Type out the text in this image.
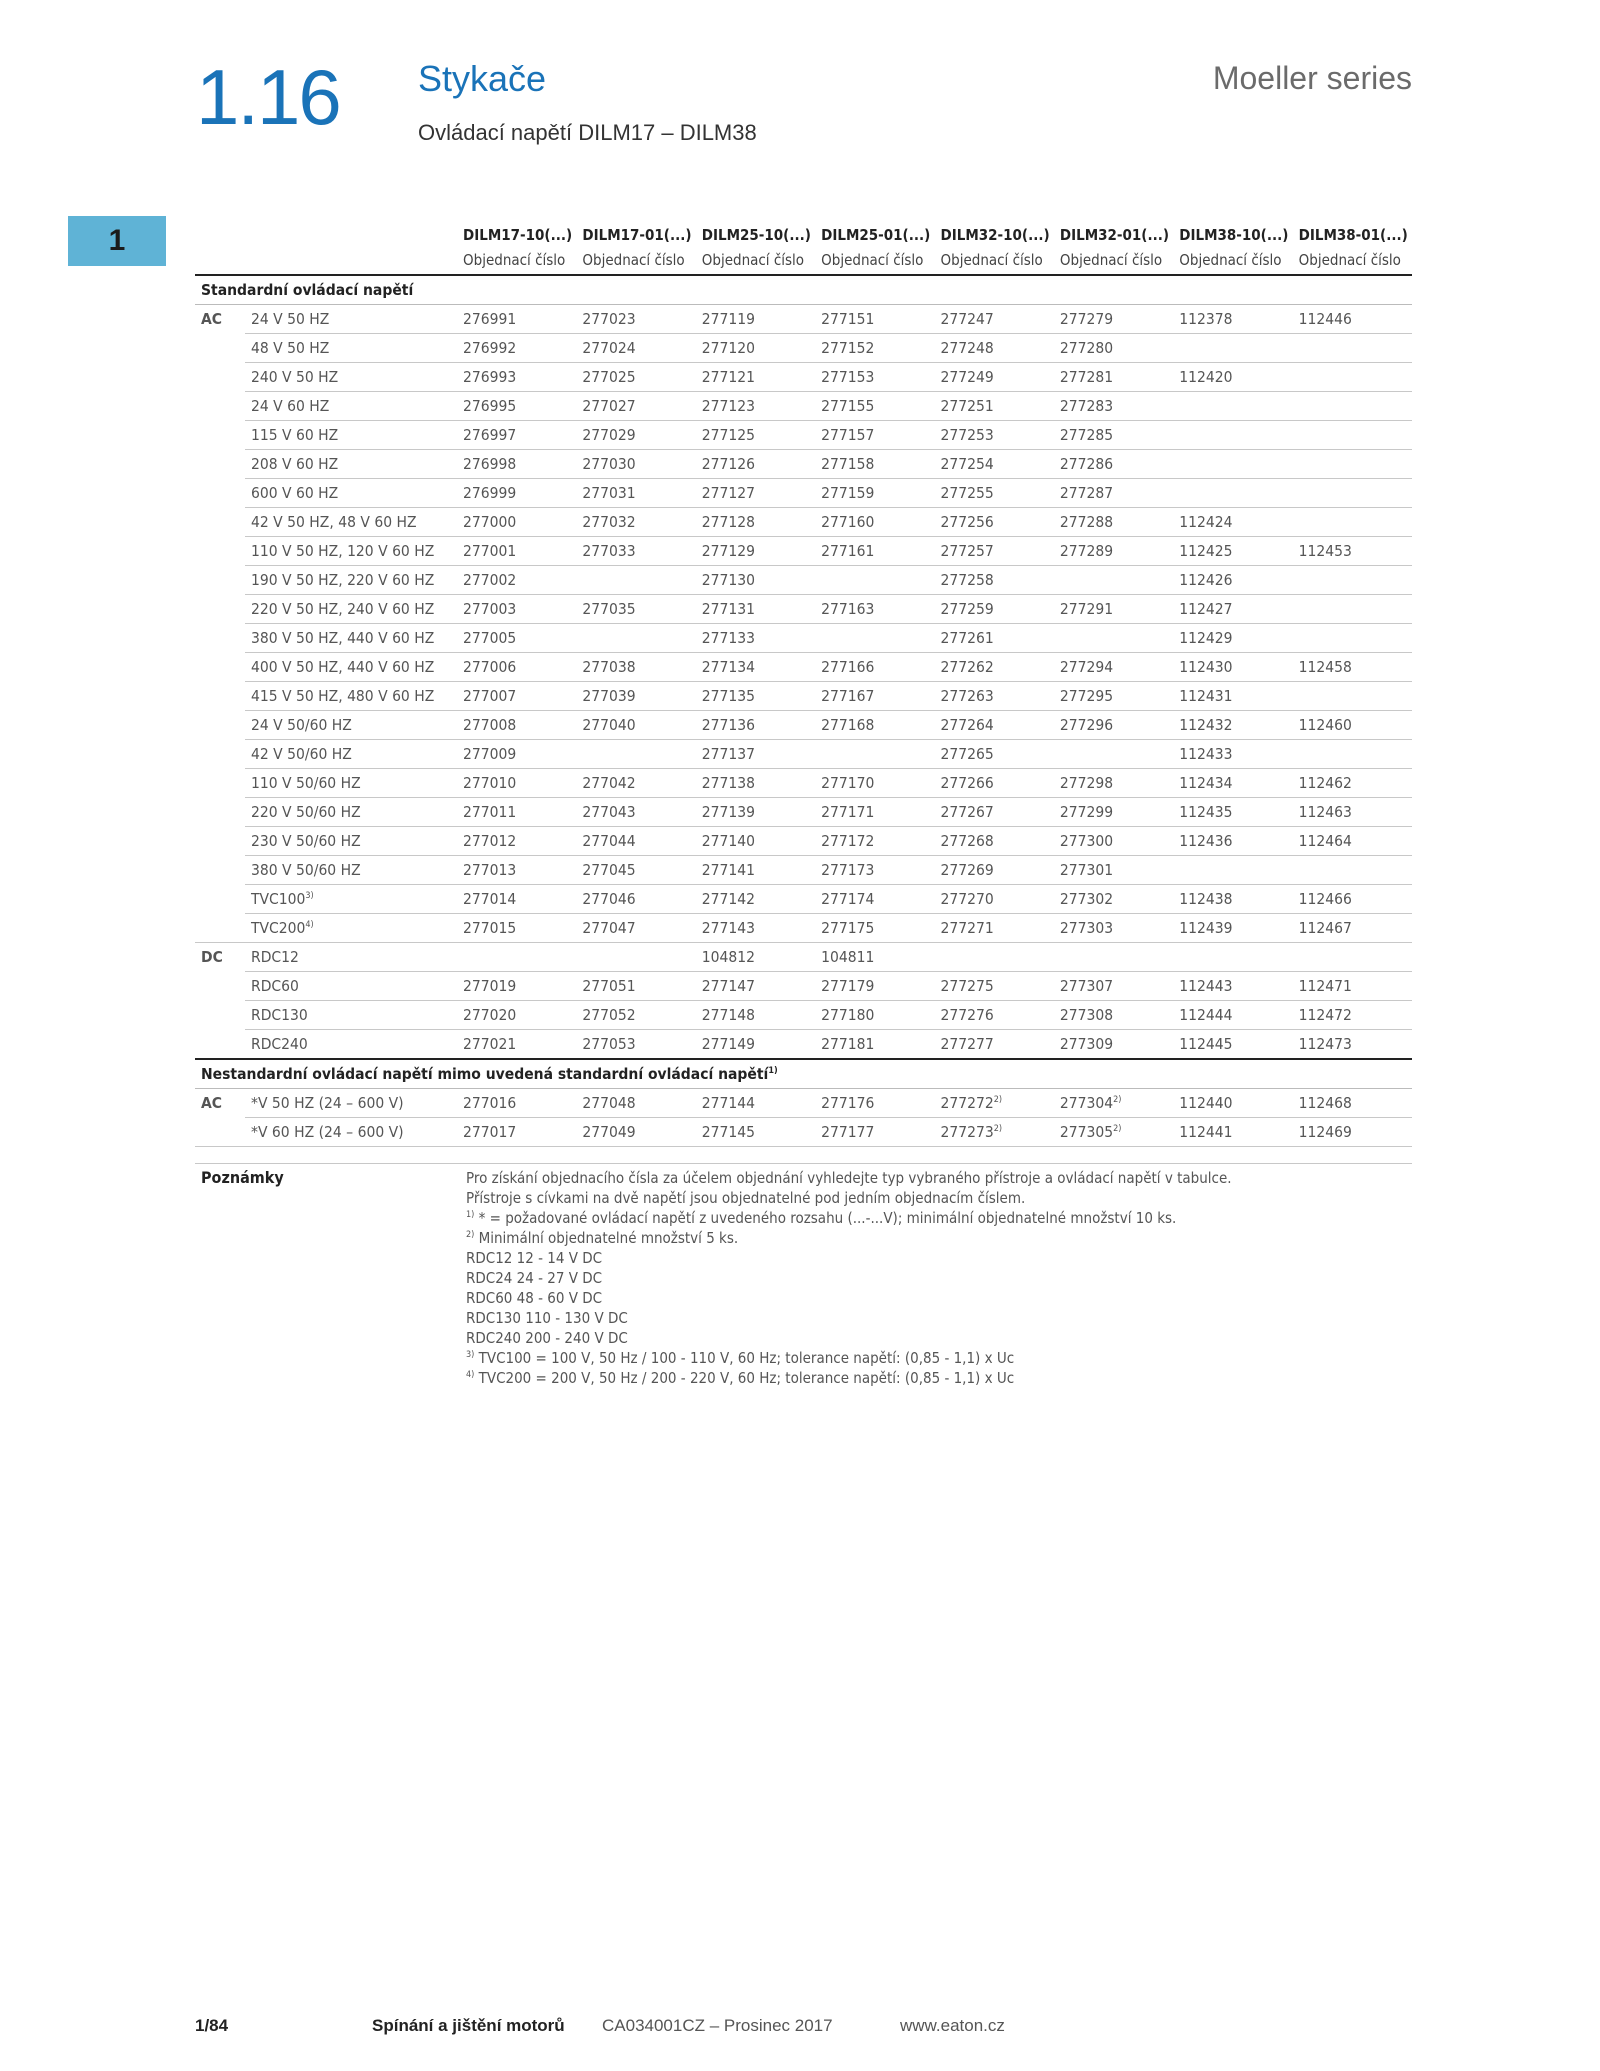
1.16 Stykače
Ovládací napětí DILM17 – DILM38
Moeller series
1
			DILM17-10(...)	DILM17-01(...)	DILM25-10(...)	DILM25-01(...)	DILM32-10(...)	DILM32-01(...)	DILM38-10(...)	DILM38-01(...)
		Objednací číslo	Objednací číslo	Objednací číslo	Objednací číslo	Objednací číslo	Objednací číslo	Objednací číslo	Objednací číslo
Standardní ovládací napětí									
AC	24 V 50 HZ	276991	277023	277119	277151	277247	277279	112378	112446
	48 V 50 HZ	276992	277024	277120	277152	277248	277280		
	240 V 50 HZ	276993	277025	277121	277153	277249	277281	112420	
	24 V 60 HZ	276995	277027	277123	277155	277251	277283		
	115 V 60 HZ	276997	277029	277125	277157	277253	277285		
	208 V 60 HZ	276998	277030	277126	277158	277254	277286		
	600 V 60 HZ	276999	277031	277127	277159	277255	277287		
	42 V 50 HZ, 48 V 60 HZ	277000	277032	277128	277160	277256	277288	112424	
	110 V 50 HZ, 120 V 60 HZ	277001	277033	277129	277161	277257	277289	112425	112453
	190 V 50 HZ, 220 V 60 HZ	277002		277130		277258		112426	
	220 V 50 HZ, 240 V 60 HZ	277003	277035	277131	277163	277259	277291	112427	
	380 V 50 HZ, 440 V 60 HZ	277005		277133		277261		112429	
	400 V 50 HZ, 440 V 60 HZ	277006	277038	277134	277166	277262	277294	112430	112458
	415 V 50 HZ, 480 V 60 HZ	277007	277039	277135	277167	277263	277295	112431	
	24 V 50/60 HZ	277008	277040	277136	277168	277264	277296	112432	112460
	42 V 50/60 HZ	277009		277137		277265		112433	
	110 V 50/60 HZ	277010	277042	277138	277170	277266	277298	112434	112462
	220 V 50/60 HZ	277011	277043	277139	277171	277267	277299	112435	112463
	230 V 50/60 HZ	277012	277044	277140	277172	277268	277300	112436	112464
	380 V 50/60 HZ	277013	277045	277141	277173	277269	277301		
	TVC100$^{3)}$	277014	277046	277142	277174	277270	277302	112438	112466
	TVC200$^{4)}$	277015	277047	277143	277175	277271	277303	112439	112467
DC	RDC12			104812	104811				
	RDC60	277019	277051	277147	277179	277275	277307	112443	112471
	RDC130	277020	277052	277148	277180	277276	277308	112444	112472
	RDC240	277021	277053	277149	277181	277277	277309	112445	112473
Nestandardní ovládací napětí mimo uvedená standardní ovládací napětí$^{1)}$
AC	*V 50 HZ (24 – 600 V)	277016	277048	277144	277176	277272$^{2)}$	277304$^{2)}$	112440	112468
	*V 60 HZ (24 – 600 V)	277017	277049	277145	277177	277273$^{2)}$	277305$^{2)}$	112441	112469
Poznámky	Pro získání objednacího čísla za účelem objednání vyhledejte typ vybraného přístroje a ovládací napětí v tabulce.
Přístroje s cívkami na dvě napětí jsou objednatelné pod jedním objednacím číslem.
$^{1)}$ * = požadované ovládací napětí z uvedeného rozsahu (...-...V); minimální objednatelné množství 10 ks.
$^{2)}$ Minimální objednatelné množství 5 ks.
RDC12 12 - 14 V DC
RDC24 24 - 27 V DC
RDC60 48 - 60 V DC
RDC130 110 - 130 V DC
RDC240 200 - 240 V DC
$^{3)}$ TVC100 = 100 V, 50 Hz / 100 - 110 V, 60 Hz; tolerance napětí: (0,85 - 1,1) x Uc
$^{4)}$ TVC200 = 200 V, 50 Hz / 200 - 220 V, 60 Hz; tolerance napětí: (0,85 - 1,1) x Uc
1/84	Spínání a jištění motorů CA034001CZ – Prosinec 2017	www.eaton.cz
